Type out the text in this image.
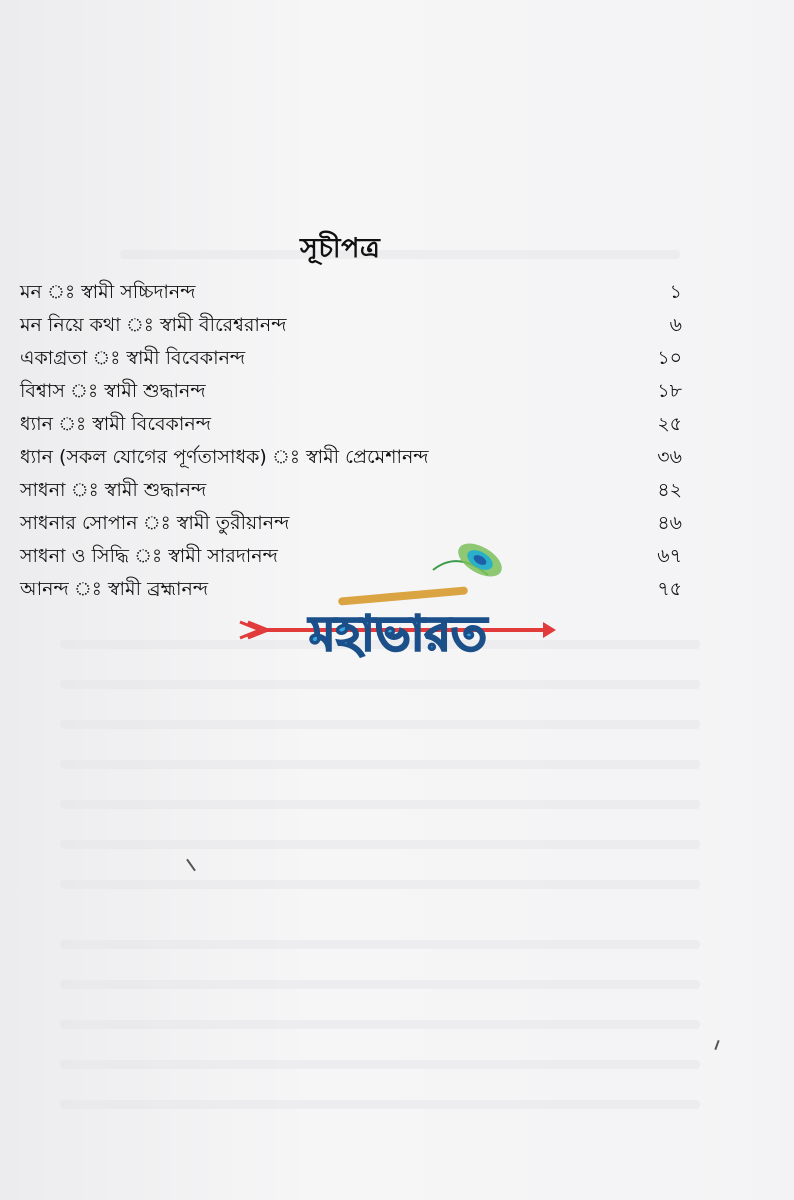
সূচীপত্র
মন ঃ স্বামী সচ্চিদানন্দ	১
মন নিয়ে কথা ঃ স্বামী বীরেশ্বরানন্দ	৬
একাগ্রতা ঃ স্বামী বিবেকানন্দ	১০
বিশ্বাস ঃ স্বামী শুদ্ধানন্দ	১৮
ধ্যান ঃ স্বামী বিবেকানন্দ	২৫
ধ্যান (সকল যোগের পূর্ণতাসাধক) ঃ স্বামী প্রেমেশানন্দ	৩৬
সাধনা ঃ স্বামী শুদ্ধানন্দ	৪২
সাধনার সোপান ঃ স্বামী তুরীয়ানন্দ	৪৬
সাধনা ও সিদ্ধি ঃ স্বামী সারদানন্দ	৬৭
আনন্দ ঃ স্বামী ব্রহ্মানন্দ	৭৫
মহাভারত
